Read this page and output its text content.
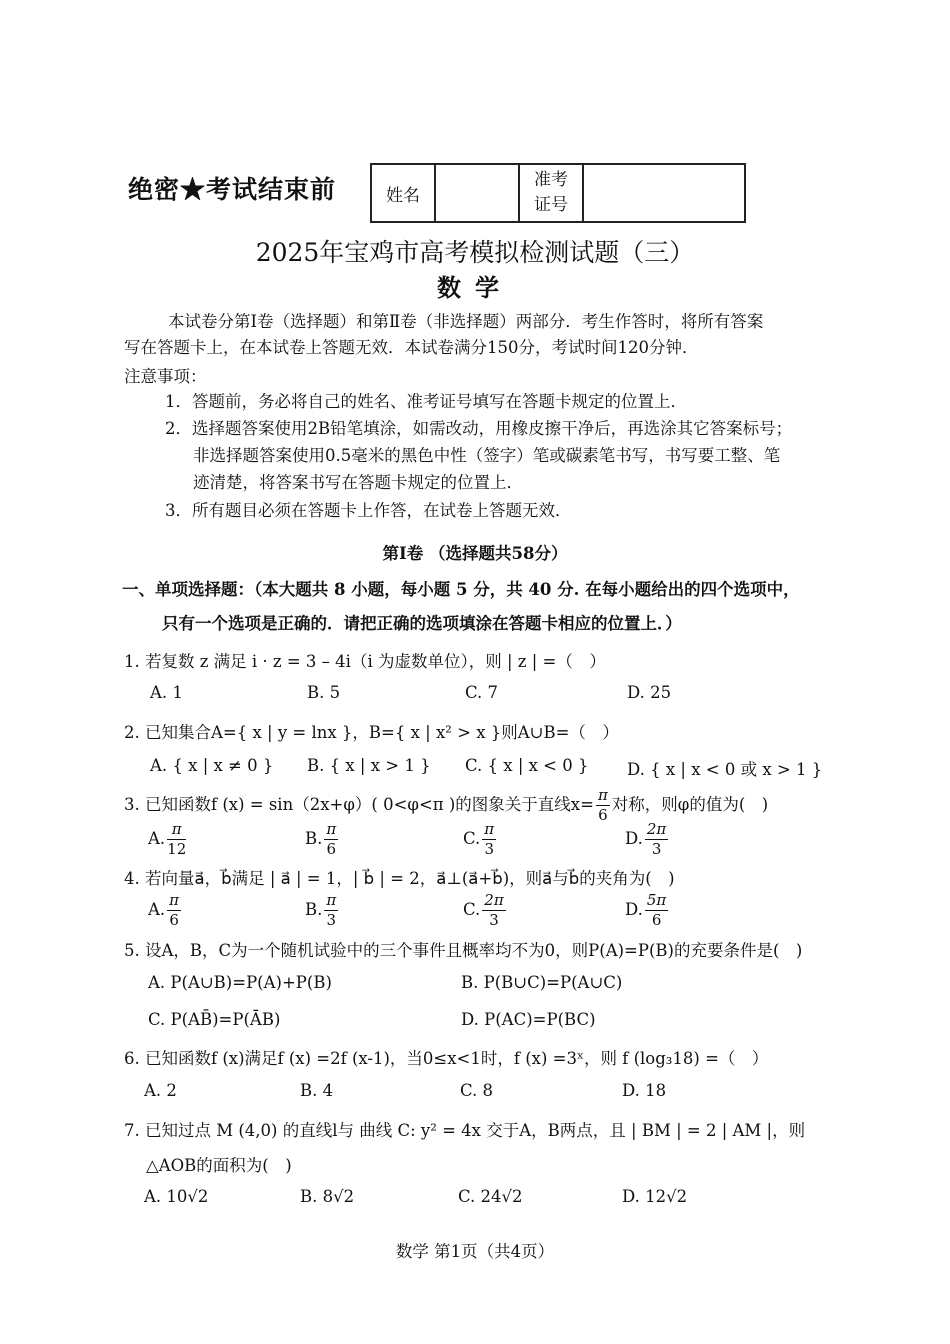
绝密★考试结束前	姓名		准考
证号	
2025年宝鸡市高考模拟检测试题（三）
数学
本试卷分第Ⅰ卷（选择题）和第Ⅱ卷（非选择题）两部分．考生作答时，将所有答案
写在答题卡上，在本试卷上答题无效．本试卷满分150分，考试时间120分钟．
注意事项：
1．答题前，务必将自己的姓名、准考证号填写在答题卡规定的位置上．
2．选择题答案使用2B铅笔填涂，如需改动，用橡皮擦干净后，再选涂其它答案标号；
非选择题答案使用0.5毫米的黑色中性（签字）笔或碳素笔书写，书写要工整、笔
迹清楚，将答案书写在答题卡规定的位置上．
3．所有题目必须在答题卡上作答，在试卷上答题无效．
第Ⅰ卷 （选择题共58分）
一、单项选择题：（本大题共 8 小题，每小题 5 分，共 40 分. 在每小题给出的四个选项中，
只有一个选项是正确的．请把正确的选项填涂在答题卡相应的位置上．）
1. 若复数 z 满足 i · z = 3 – 4i（i 为虚数单位），则 | z | =（　）
A. 1	B. 5	C. 7	D. 25
2. 已知集合A={ x | y = lnx }，B={ x | x² > x }则A∪B=（　）
A. { x | x ≠ 0 } B. { x | x > 1 } C. { x | x < 0 } D. { x | x < 0 或 x > 1 }
3. 已知函数f (x) = sin（2x+φ）( 0<φ<π )的图象关于直线$x= \frac{\pi}{6}$ 对称，则φ的值为(　)
A. $\frac{\pi}{12}$	B. $\frac{\pi}{6}$	C. $\frac{\pi}{3}$	D. $\frac{2\pi}{3}$
4. 若向量a⃗，b⃗满足 | a⃗ | = 1，| b⃗ | = 2，a⃗⊥(a⃗+b⃗)，则a⃗与b⃗的夹角为(　)
A. $\frac{\pi}{6}$	B. $\frac{\pi}{3}$	C. $\frac{2\pi}{3}$	D. $\frac{5\pi}{6}$
5. 设A，B，C为一个随机试验中的三个事件且概率均不为0，则P(A)=P(B)的充要条件是(　)
A. P(A∪B)=P(A)+P(B)	B. P(B∪C)=P(A∪C)
C. P(AB̄)=P(ĀB)	D. P(AC)=P(BC)
6. 已知函数f (x)满足f (x) =2f (x-1)，当0≤x<1时，f (x) =3ˣ，则 f (log₃18) =（　）
A. 2	B. 4	C. 8	D. 18
7. 已知过点 M (4,0) 的直线l与 曲线 C: y² = 4x 交于A，B两点，且 | BM | = 2 | AM |，则
△AOB的面积为(　)
A. 10√2	B. 8√2	C. 24√2	D. 12√2
数学 第1页（共4页）
